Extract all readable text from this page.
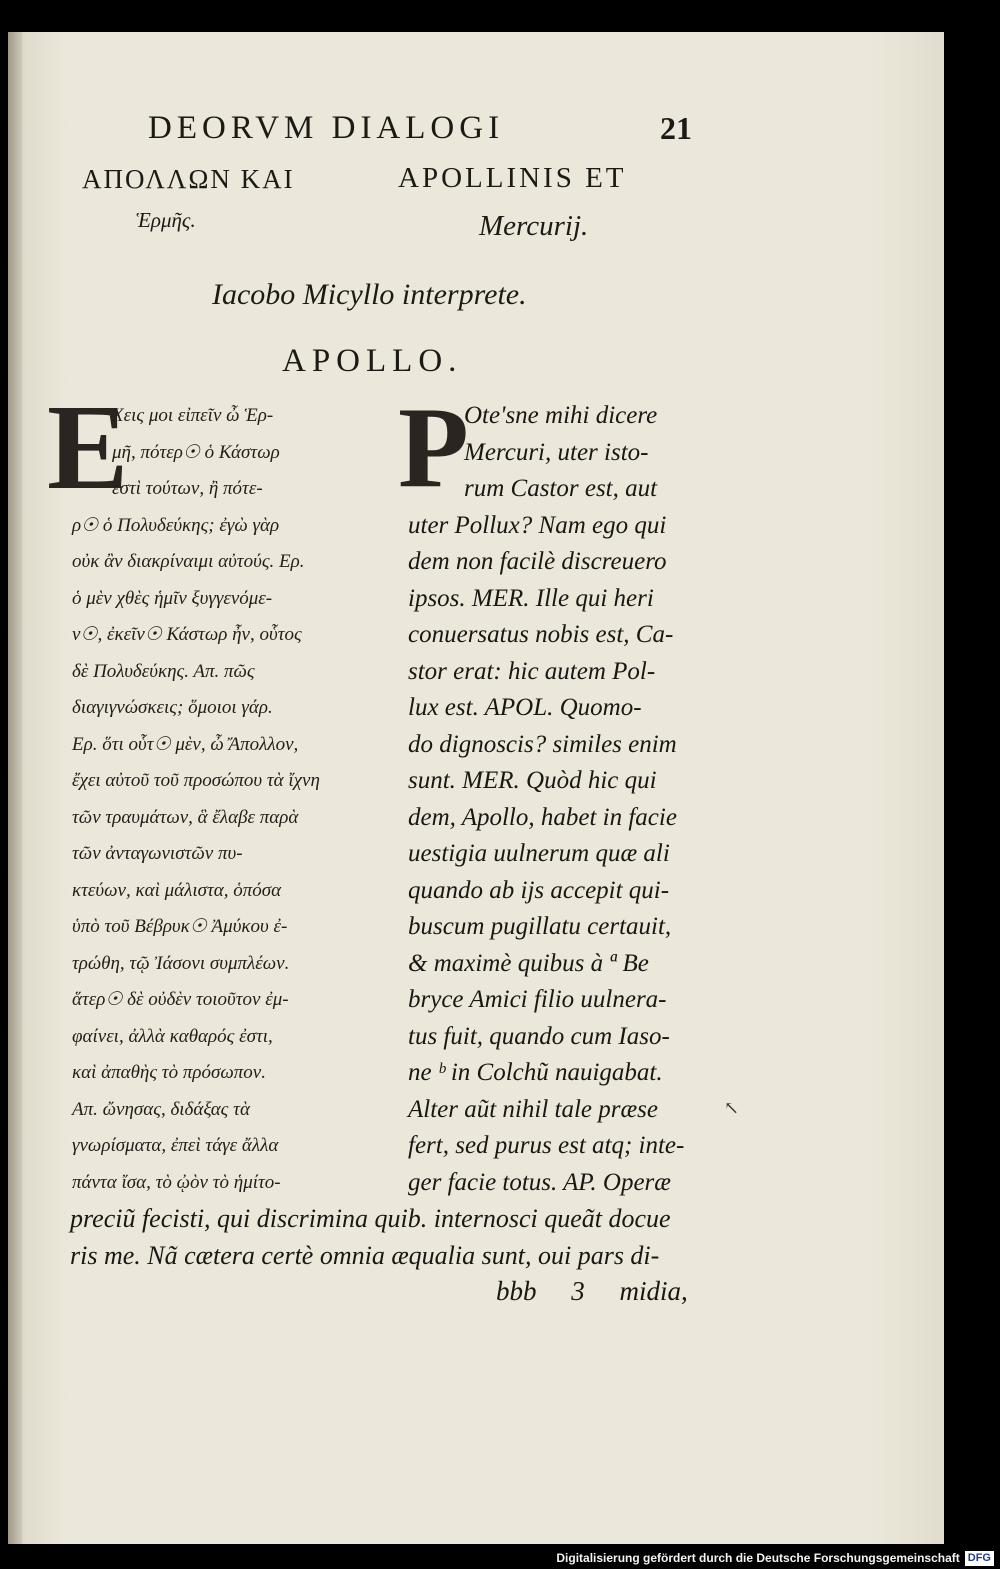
DEORVM DIALOGI	21
ΑΠΟΛΛΩΝ ΚΑΙ
Ἑρμῆς.
APOLLINIS ET
Mercurij.
Iacobo Micyllo interprete.
APOLLO.
E P
Χεις μοι εἰπεῖν ὦ Ἑρ-
μῆ, πότερ☉ ὁ Κάστωρ
ἐστὶ τούτων, ἢ πότε-
ρ☉ ὁ Πολυδεύκης; ἐγὼ γὰρ
οὐκ ἂν διακρίναιμι αὐτούς. Ερ.
ὁ μὲν χθὲς ἡμῖν ξυγγενόμε-
ν☉, ἐκεῖν☉ Κάστωρ ἦν, οὗτος
δὲ Πολυδεύκης. Απ. πῶς
διαγιγνώσκεις; ὅμοιοι γάρ.
Ερ. ὅτι οὗτ☉ μὲν, ὦ Ἄπολλον,
ἔχει αὐτοῦ τοῦ προσώπου τὰ ἴχνη
τῶν τραυμάτων, ἃ ἔλαβε παρὰ
τῶν ἀνταγωνιστῶν πυ-
κτεύων, καὶ μάλιστα, ὁπόσα
ὑπὸ τοῦ Βέβρυκ☉ Ἀμύκου ἐ-
τρώθη, τῷ Ἰάσονι συμπλέων.
ἅτερ☉ δὲ οὐδὲν τοιοῦτον ἐμ-
φαίνει, ἀλλὰ καθαρός ἐστι,
καὶ ἀπαθὴς τὸ πρόσωπον.
Απ. ὤνησας, διδάξας τὰ
γνωρίσματα, ἐπεὶ τάγε ἄλλα
πάντα ἴσα, τὸ ᾠὸν τὸ ἡμίτο-
Ote'sne mihi dicere
Mercuri, uter isto-
rum Castor est, aut
uter Pollux? Nam ego qui
dem non facilè discreuero
ipsos. MER. Ille qui heri
conuersatus nobis est, Ca-
stor erat: hic autem Pol-
lux est. APOL. Quomo-
do dignoscis? similes enim
sunt. MER. Quòd hic qui
dem, Apollo, habet in facie
uestigia uulnerum quæ ali
quando ab ijs accepit qui-
buscum pugillatu certauit,
& maximè quibus à ª Be
bryce Amici filio uulnera-
tus fuit, quando cum Iaso-
ne ᵇ in Colchũ nauigabat.
Alter aũt nihil tale præse
fert, sed purus est atq; inte-
ger facie totus. AP. Operæ
↖
preciũ fecisti, qui discrimina quib. internosci queãt docue
ris me. Nã cætera certè omnia æqualia sunt, oui pars di-
bbb 3 midia,
Digitalisierung gefördert durch die Deutsche Forschungsgemeinschaft DFG
